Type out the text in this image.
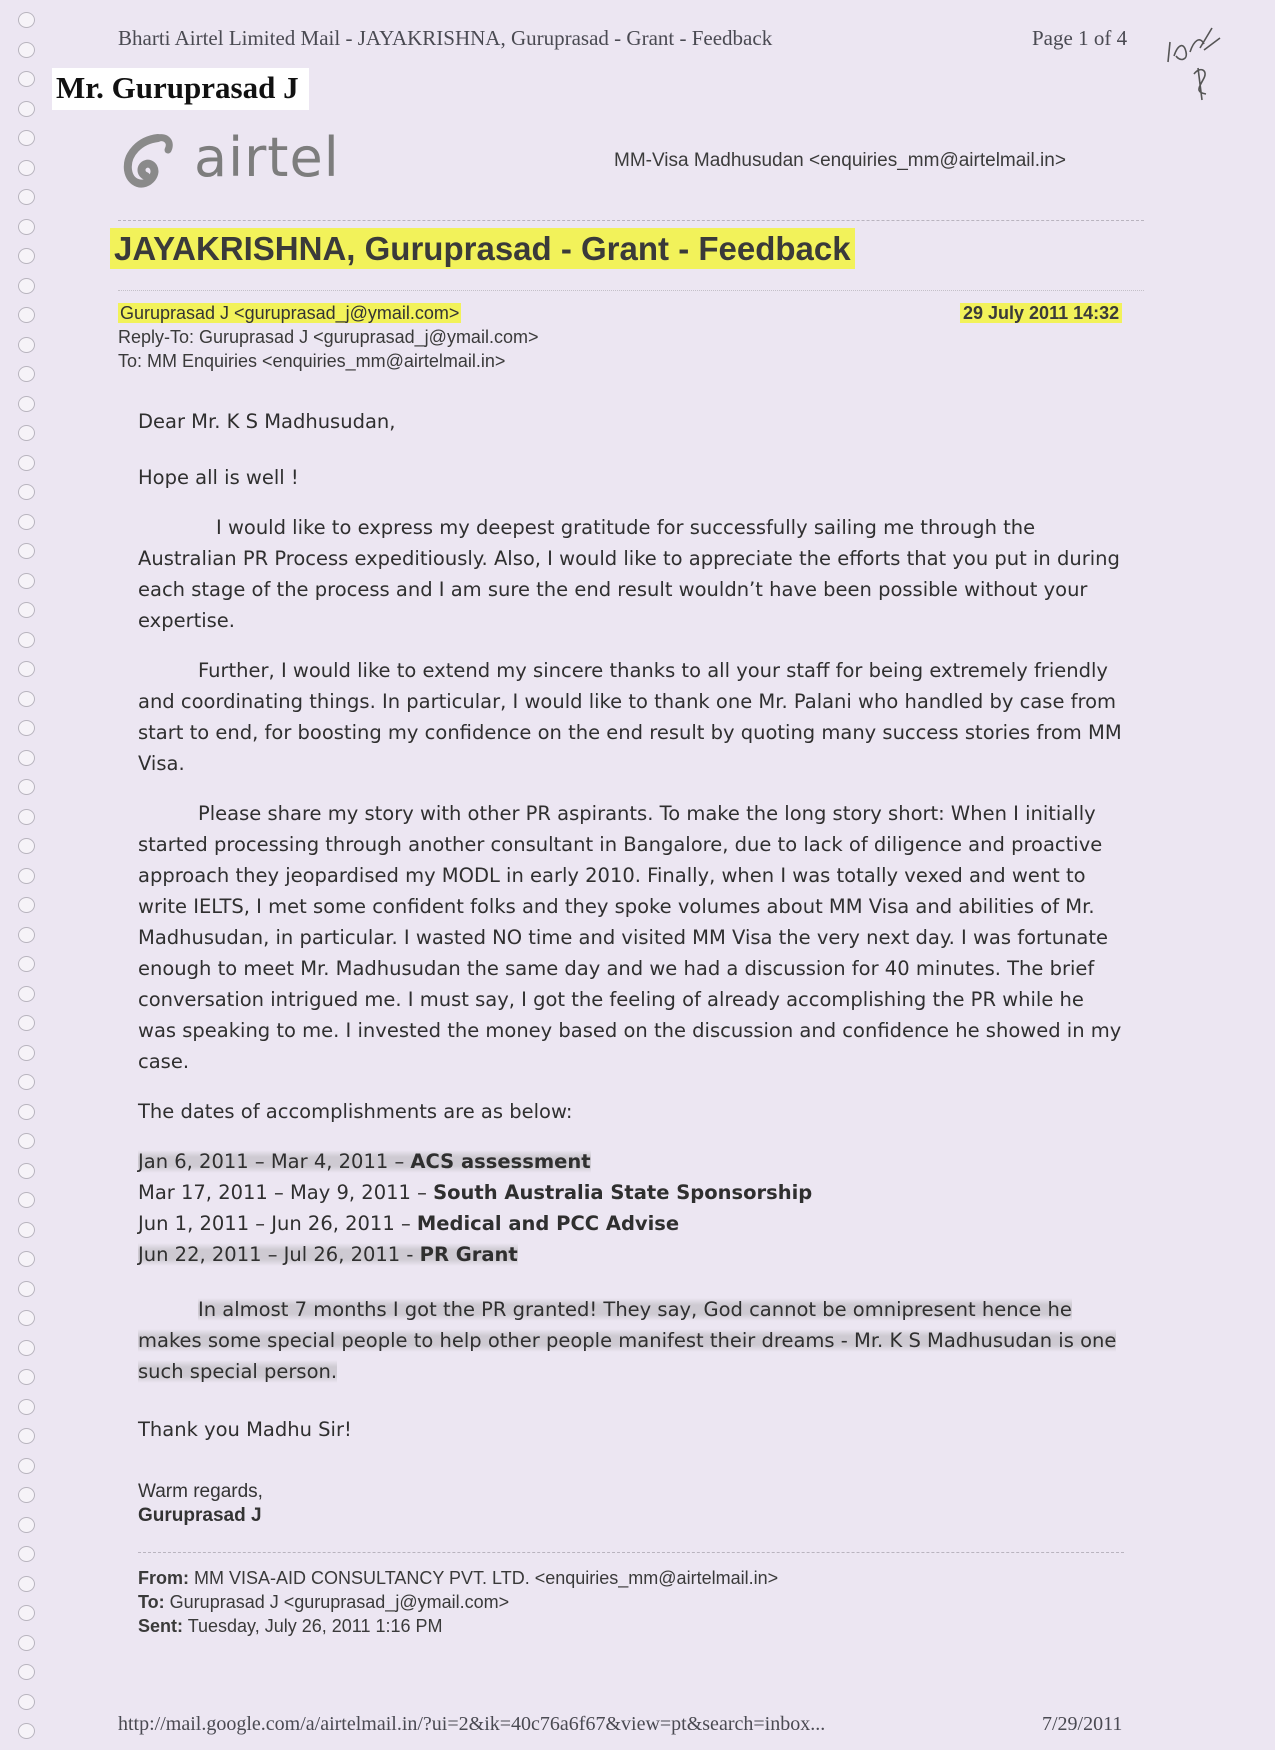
Bharti Airtel Limited Mail - JAYAKRISHNA, Guruprasad - Grant - Feedback	Page 1 of 4
Mr. Guruprasad J
airtel	MM-Visa Madhusudan <enquiries_mm@airtelmail.in>
JAYAKRISHNA, Guruprasad - Grant - Feedback
Guruprasad J <guruprasad_j@ymail.com>	29 July 2011 14:32
Reply-To: Guruprasad J <guruprasad_j@ymail.com>
To: MM Enquiries <enquiries_mm@airtelmail.in>

Dear Mr. K S Madhusudan,

Hope all is well !

I would like to express my deepest gratitude for successfully sailing me through the Australian PR Process expeditiously. Also, I would like to appreciate the efforts that you put in during each stage of the process and I am sure the end result wouldn’t have been possible without your expertise.

Further, I would like to extend my sincere thanks to all your staff for being extremely friendly and coordinating things. In particular, I would like to thank one Mr. Palani who handled by case from start to end, for boosting my confidence on the end result by quoting many success stories from MM Visa.

Please share my story with other PR aspirants. To make the long story short: When I initially started processing through another consultant in Bangalore, due to lack of diligence and proactive approach they jeopardised my MODL in early 2010. Finally, when I was totally vexed and went to write IELTS, I met some confident folks and they spoke volumes about MM Visa and abilities of Mr. Madhusudan, in particular. I wasted NO time and visited MM Visa the very next day. I was fortunate enough to meet Mr. Madhusudan the same day and we had a discussion for 40 minutes. The brief conversation intrigued me. I must say, I got the feeling of already accomplishing the PR while he was speaking to me. I invested the money based on the discussion and confidence he showed in my case.

The dates of accomplishments are as below:

Jan 6, 2011 – Mar 4, 2011 – ACS assessment
Mar 17, 2011 – May 9, 2011 – South Australia State Sponsorship
Jun 1, 2011 – Jun 26, 2011 – Medical and PCC Advise
Jun 22, 2011 – Jul 26, 2011 - PR Grant

In almost 7 months I got the PR granted! They say, God cannot be omnipresent hence he makes some special people to help other people manifest their dreams - Mr. K S Madhusudan is one such special person.

Thank you Madhu Sir!

Warm regards,
Guruprasad J
From: MM VISA-AID CONSULTANCY PVT. LTD. <enquiries_mm@airtelmail.in>
To: Guruprasad J <guruprasad_j@ymail.com>
Sent: Tuesday, July 26, 2011 1:16 PM
http://mail.google.com/a/airtelmail.in/?ui=2&ik=40c76a6f67&view=pt&search=inbox...	7/29/2011
